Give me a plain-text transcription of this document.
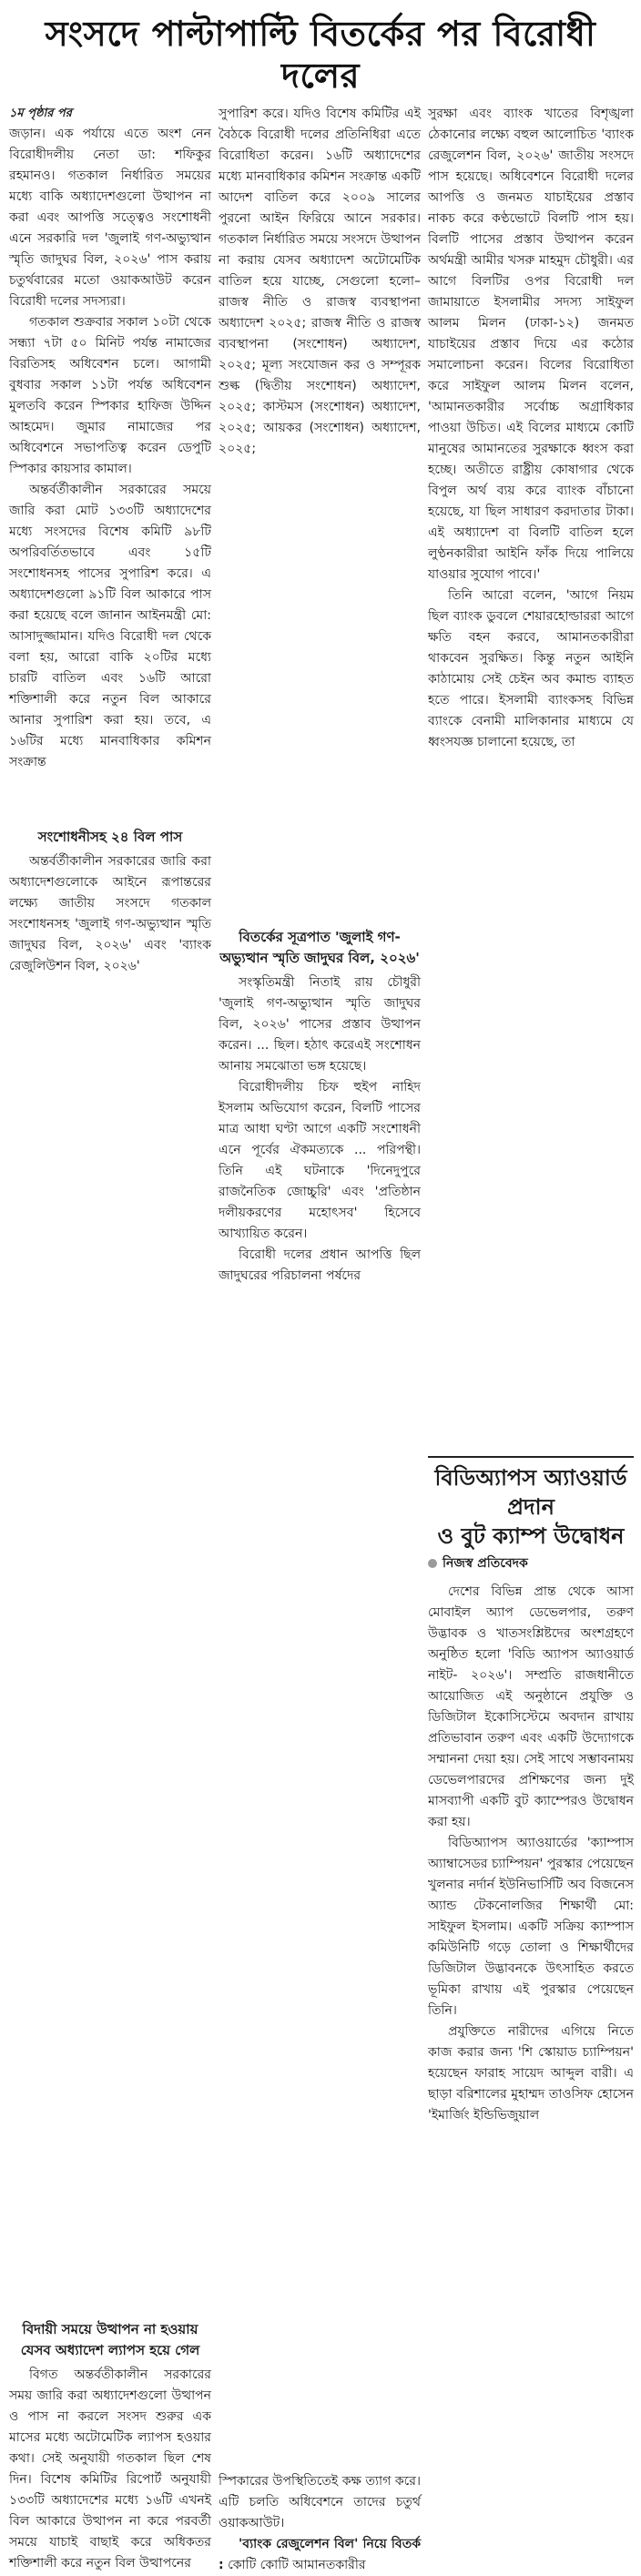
সংসদে পাল্টাপাল্টি বিতর্কের পর বিরোধী দলের
১ম পৃষ্ঠার পর

জড়ান। এক পর্যায়ে এতে অংশ নেন বিরোধীদলীয় নেতা ডা: শফিকুর রহমানও। গতকাল নির্ধারিত সময়ের মধ্যে বাকি অধ্যাদেশগুলো উত্থাপন না করা এবং আপত্তি সত্ত্বেও সংশোধনী এনে সরকারি দল 'জুলাই গণ-অভ্যুত্থান স্মৃতি জাদুঘর বিল, ২০২৬' পাস করায় চতুর্থবারের মতো ওয়াকআউট করেন বিরোধী দলের সদস্যরা।

গতকাল শুক্রবার সকাল ১০টা থেকে সন্ধ্যা ৭টা ৫০ মিনিট পর্যন্ত নামাজের বিরতিসহ অধিবেশন চলে। আগামী বুধবার সকাল ১১টা পর্যন্ত অধিবেশন মুলতবি করেন স্পিকার হাফিজ উদ্দিন আহমেদ। জুমার নামাজের পর অধিবেশনে সভাপতিত্ব করেন ডেপুটি স্পিকার কায়সার কামাল।

অন্তর্বর্তীকালীন সরকারের সময়ে জারি করা মোট ১৩৩টি অধ্যাদেশের মধ্যে সংসদের বিশেষ কমিটি ৯৮টি অপরিবর্তিতভাবে এবং ১৫টি সংশোধনসহ পাসের সুপারিশ করে। এ অধ্যাদেশগুলো ৯১টি বিল আকারে পাস করা হয়েছে বলে জানান আইনমন্ত্রী মো: আসাদুজ্জামান। যদিও বিরোধী দল থেকে বলা হয়, আরো বাকি ২০টির মধ্যে চারটি বাতিল এবং ১৬টি আরো শক্তিশালী করে নতুন বিল আকারে আনার সুপারিশ করা হয়। তবে, এ ১৬টির মধ্যে মানবাধিকার কমিশন সংক্রান্ত

সংশোধনীসহ ২৪ বিল পাস

অন্তর্বর্তীকালীন সরকারের জারি করা অধ্যাদেশগুলোকে আইনে রূপান্তরের লক্ষ্যে জাতীয় সংসদে গতকাল সংশোধনসহ 'জুলাই গণ-অভ্যুত্থান স্মৃতি জাদুঘর বিল, ২০২৬' এবং 'ব্যাংক রেজুলিউশন বিল, ২০২৬'

বিদায়ী সময়ে উত্থাপন না হওয়ায় যেসব অধ্যাদেশ ল্যাপস হয়ে গেল

বিগত অন্তর্বতীকালীন সরকারের সময় জারি করা অধ্যাদেশগুলো উত্থাপন ও পাস না করলে সংসদ শুরুর এক মাসের মধ্যে অটোমেটিক ল্যাপস হওয়ার কথা। সেই অনুযায়ী গতকাল ছিল শেষ দিন। বিশেষ কমিটির রিপোর্ট অনুযায়ী ১৩৩টি অধ্যাদেশের মধ্যে ১৬টি এখনই বিল আকারে উত্থাপন না করে পরবর্তী সময়ে যাচাই বাছাই করে অধিকতর শক্তিশালী করে নতুন বিল উত্থাপনের

সুপারিশ করে। যদিও বিশেষ কমিটির এই বৈঠকে বিরোধী দলের প্রতিনিধিরা এতে বিরোধিতা করেন। ১৬টি অধ্যাদেশের মধ্যে মানবাধিকার কমিশন সংক্রান্ত একটি আদেশ বাতিল করে ২০০৯ সালের পুরনো আইন ফিরিয়ে আনে সরকার। গতকাল নির্ধারিত সময়ে সংসদে উত্থাপন না করায় যেসব অধ্যাদেশ অটোমেটিক বাতিল হয়ে যাচ্ছে, সেগুলো হলো– রাজস্ব নীতি ও রাজস্ব ব্যবস্থাপনা অধ্যাদেশ ২০২৫; রাজস্ব নীতি ও রাজস্ব ব্যবস্থাপনা (সংশোধন) অধ্যাদেশ, ২০২৫; মূল্য সংযোজন কর ও সম্পূরক শুল্ক (দ্বিতীয় সংশোধন) অধ্যাদেশ, ২০২৫; কাস্টমস (সংশোধন) অধ্যাদেশ, ২০২৫; আয়কর (সংশোধন) অধ্যাদেশ, ২০২৫;

বিতর্কের সূত্রপাত 'জুলাই গণ-অভ্যুত্থান স্মৃতি জাদুঘর বিল, ২০২৬'

সংস্কৃতিমন্ত্রী নিতাই রায় চৌধুরী 'জুলাই গণ-অভ্যুত্থান স্মৃতি জাদুঘর বিল, ২০২৬' পাসের প্রস্তাব উত্থাপন করেন। ... ছিল। হঠাৎ করেএই সংশোধন আনায় সমঝোতা ভঙ্গ হয়েছে।

বিরোধীদলীয় চিফ হুইপ নাহিদ ইসলাম অভিযোগ করেন, বিলটি পাসের মাত্র আধা ঘণ্টা আগে একটি সংশোধনী এনে পূর্বের ঐকমত্যকে ... পরিপন্থী। তিনি এই ঘটনাকে 'দিনেদুপুরে রাজনৈতিক জোচ্চুরি' এবং 'প্রতিষ্ঠান দলীয়করণের মহোৎসব' হিসেবে আখ্যায়িত করেন।

বিরোধী দলের প্রধান আপত্তি ছিল জাদুঘরের পরিচালনা পর্ষদের

স্পিকারের উপস্থিতিতেই কক্ষ ত্যাগ করে। এটি চলতি অধিবেশনে তাদের চতুর্থ ওয়াকআউট।

'ব্যাংক রেজুলেশন বিল' নিয়ে বিতর্ক : কোটি কোটি আমানতকারীর

সুরক্ষা এবং ব্যাংক খাতের বিশৃঙ্খলা ঠেকানোর লক্ষ্যে বহুল আলোচিত 'ব্যাংক রেজুলেশন বিল, ২০২৬' জাতীয় সংসদে পাস হয়েছে। অধিবেশনে বিরোধী দলের আপত্তি ও জনমত যাচাইয়ের প্রস্তাব নাকচ করে কণ্ঠভোটে বিলটি পাস হয়। বিলটি পাসের প্রস্তাব উত্থাপন করেন অর্থমন্ত্রী আমীর খসরু মাহমুদ চৌধুরী। এর আগে বিলটির ওপর বিরোধী দল জামায়াতে ইসলামীর সদস্য সাইফুল আলম মিলন (ঢাকা-১২) জনমত যাচাইয়ের প্রস্তাব দিয়ে এর কঠোর সমালোচনা করেন। বিলের বিরোধিতা করে সাইফুল আলম মিলন বলেন, 'আমানতকারীর সর্বোচ্চ অগ্রাধিকার পাওয়া উচিত। এই বিলের মাধ্যমে কোটি মানুষের আমানতের সুরক্ষাকে ধ্বংস করা হচ্ছে। অতীতে রাষ্ট্রীয় কোষাগার থেকে বিপুল অর্থ ব্যয় করে ব্যাংক বাঁচানো হয়েছে, যা ছিল সাধারণ করদাতার টাকা। এই অধ্যাদেশ বা বিলটি বাতিল হলে লুণ্ঠনকারীরা আইনি ফাঁক দিয়ে পালিয়ে যাওয়ার সুযোগ পাবে।'

তিনি আরো বলেন, 'আগে নিয়ম ছিল ব্যাংক ডুবলে শেয়ারহোল্ডাররা আগে ক্ষতি বহন করবে, আমানতকারীরা থাকবেন সুরক্ষিত। কিন্তু নতুন আইনি কাঠামোয় সেই চেইন অব কমান্ড ব্যাহত হতে পারে। ইসলামী ব্যাংকসহ বিভিন্ন ব্যাংকে বেনামী মালিকানার মাধ্যমে যে ধ্বংসযজ্ঞ চালানো হয়েছে, তা

বিডিঅ্যাপস অ্যাওয়ার্ড প্রদান
ও বুট ক্যাম্প উদ্বোধন
নিজস্ব প্রতিবেদক

দেশের বিভিন্ন প্রান্ত থেকে আসা মোবাইল অ্যাপ ডেভেলপার, তরুণ উদ্ভাবক ও খাতসংশ্লিষ্টদের অংশগ্রহণে অনুষ্ঠিত হলো 'বিডি অ্যাপস অ্যাওয়ার্ড নাইট- ২০২৬'। সম্প্রতি রাজধানীতে আয়োজিত এই অনুষ্ঠানে প্রযুক্তি ও ডিজিটাল ইকোসিস্টেমে অবদান রাখায় প্রতিভাবান তরুণ এবং একটি উদ্যোগকে সম্মাননা দেয়া হয়। সেই সাথে সম্ভাবনাময় ডেভেলপারদের প্রশিক্ষণের জন্য দুই মাসব্যাপী একটি বুট ক্যাম্পেরও উদ্বোধন করা হয়।

বিডিঅ্যাপস অ্যাওয়ার্ডের 'ক্যাম্পাস অ্যাম্বাসেডর চ্যাম্পিয়ন' পুরস্কার পেয়েছেন খুলনার নর্দার্ন ইউনিভার্সিটি অব বিজনেস অ্যান্ড টেকনোলজির শিক্ষার্থী মো: সাইফুল ইসলাম। একটি সক্রিয় ক্যাম্পাস কমিউনিটি গড়ে তোলা ও শিক্ষার্থীদের ডিজিটাল উদ্ভাবনকে উৎসাহিত করতে ভূমিকা রাখায় এই পুরস্কার পেয়েছেন তিনি।

প্রযুক্তিতে নারীদের এগিয়ে নিতে কাজ করার জন্য 'শি স্কোয়াড চ্যাম্পিয়ন' হয়েছেন ফারাহ সায়েদ আব্দুল বারী। এ ছাড়া বরিশালের মুহাম্মদ তাওসিফ হোসেন 'ইমার্জিং ইন্ডিভিজুয়াল
